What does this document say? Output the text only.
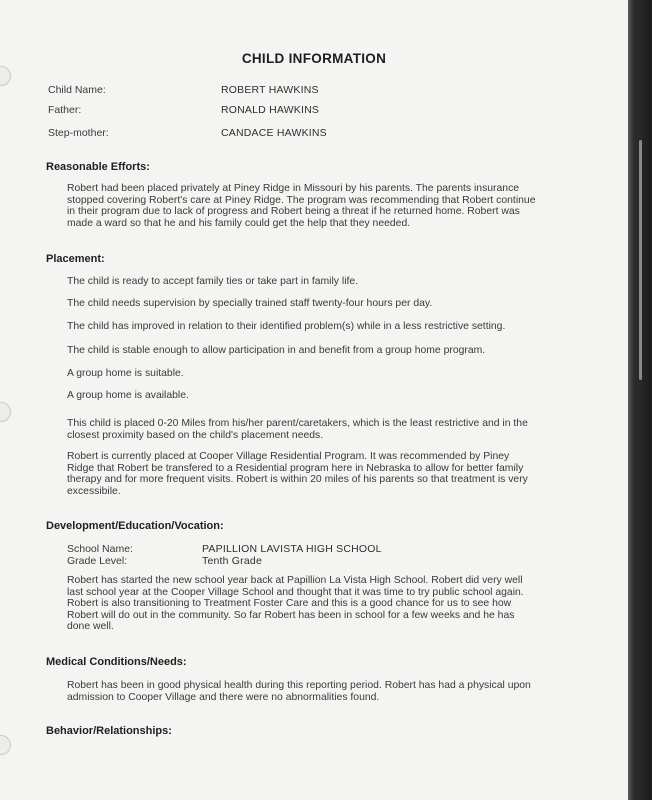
CHILD INFORMATION
Child Name:	ROBERT HAWKINS
Father:	RONALD HAWKINS
Step-mother:	CANDACE HAWKINS
Reasonable Efforts:
Robert had been placed privately at Piney Ridge in Missouri by his parents. The parents insurance stopped covering Robert's care at Piney Ridge. The program was recommending that Robert continue in their program due to lack of progress and Robert being a threat if he returned home. Robert was made a ward so that he and his family could get the help that they needed.
Placement:
The child is ready to accept family ties or take part in family life.
The child needs supervision by specially trained staff twenty-four hours per day.
The child has improved in relation to their identified problem(s) while in a less restrictive setting.
The child is stable enough to allow participation in and benefit from a group home program.
A group home is suitable.
A group home is available.
This child is placed 0-20 Miles from his/her parent/caretakers, which is the least restrictive and in the closest proximity based on the child's placement needs.
Robert is currently placed at Cooper Village Residential Program. It was recommended by Piney Ridge that Robert be transfered to a Residential program here in Nebraska to allow for better family therapy and for more frequent visits. Robert is within 20 miles of his parents so that treatment is very excessibile.
Development/Education/Vocation:
School Name:	PAPILLION LAVISTA HIGH SCHOOL
Grade Level:	Tenth Grade
Robert has started the new school year back at Papillion La Vista High School. Robert did very well last school year at the Cooper Village School and thought that it was time to try public school again. Robert is also transitioning to Treatment Foster Care and this is a good chance for us to see how Robert will do out in the community. So far Robert has been in school for a few weeks and he has done well.
Medical Conditions/Needs:
Robert has been in good physical health during this reporting period. Robert has had a physical upon admission to Cooper Village and there were no abnormalities found.
Behavior/Relationships:
